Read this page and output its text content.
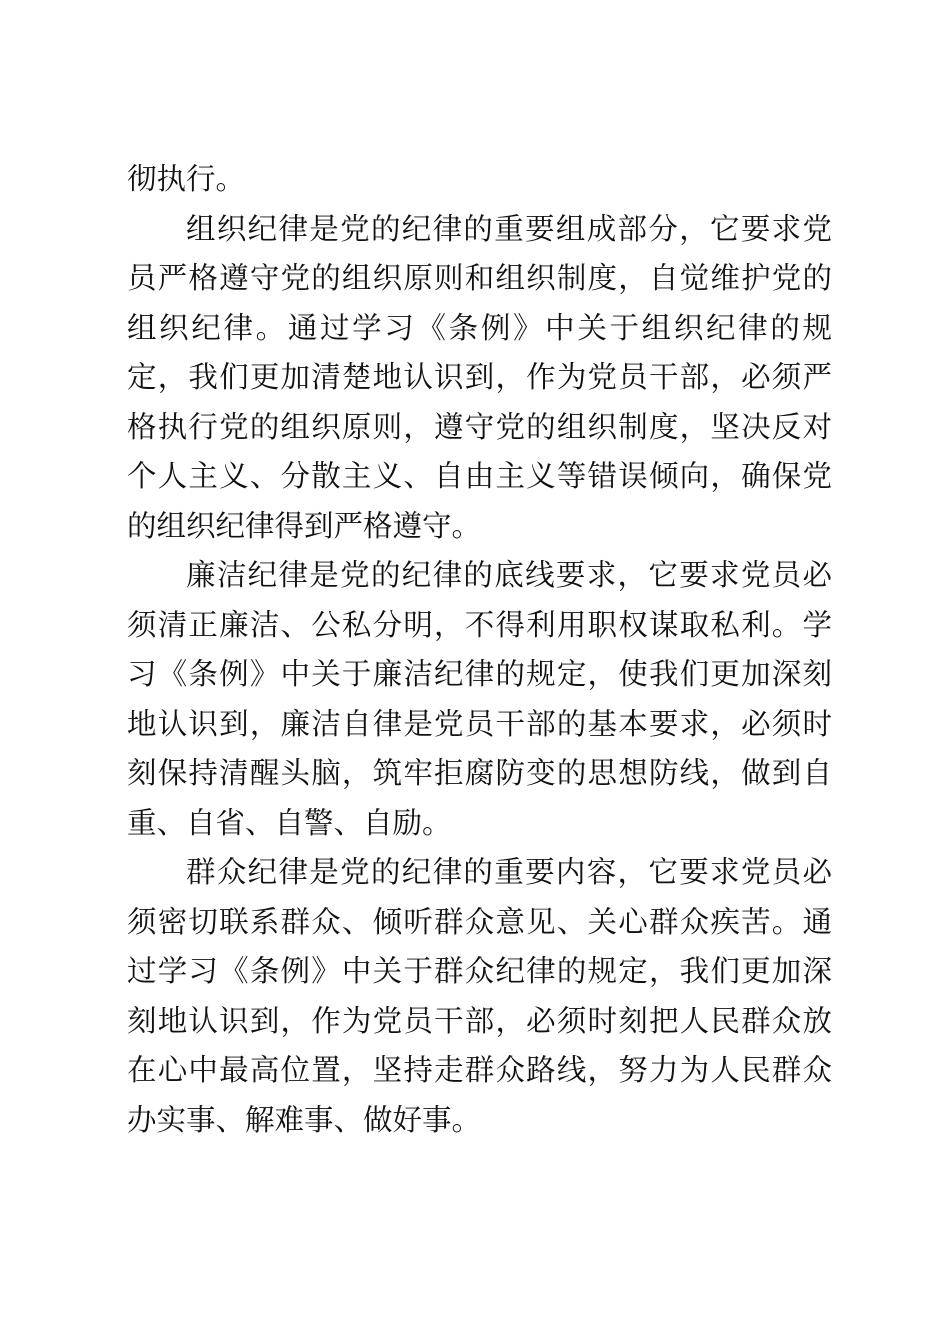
彻执行。

组织纪律是党的纪律的重要组成部分，它要求党员严格遵守党的组织原则和组织制度，自觉维护党的组织纪律。通过学习《条例》中关于组织纪律的规定，我们更加清楚地认识到，作为党员干部，必须严格执行党的组织原则，遵守党的组织制度，坚决反对个人主义、分散主义、自由主义等错误倾向，确保党的组织纪律得到严格遵守。

廉洁纪律是党的纪律的底线要求，它要求党员必须清正廉洁、公私分明，不得利用职权谋取私利。学习《条例》中关于廉洁纪律的规定，使我们更加深刻地认识到，廉洁自律是党员干部的基本要求，必须时刻保持清醒头脑，筑牢拒腐防变的思想防线，做到自重、自省、自警、自励。

群众纪律是党的纪律的重要内容，它要求党员必须密切联系群众、倾听群众意见、关心群众疾苦。通过学习《条例》中关于群众纪律的规定，我们更加深刻地认识到，作为党员干部，必须时刻把人民群众放在心中最高位置，坚持走群众路线，努力为人民群众办实事、解难事、做好事。
